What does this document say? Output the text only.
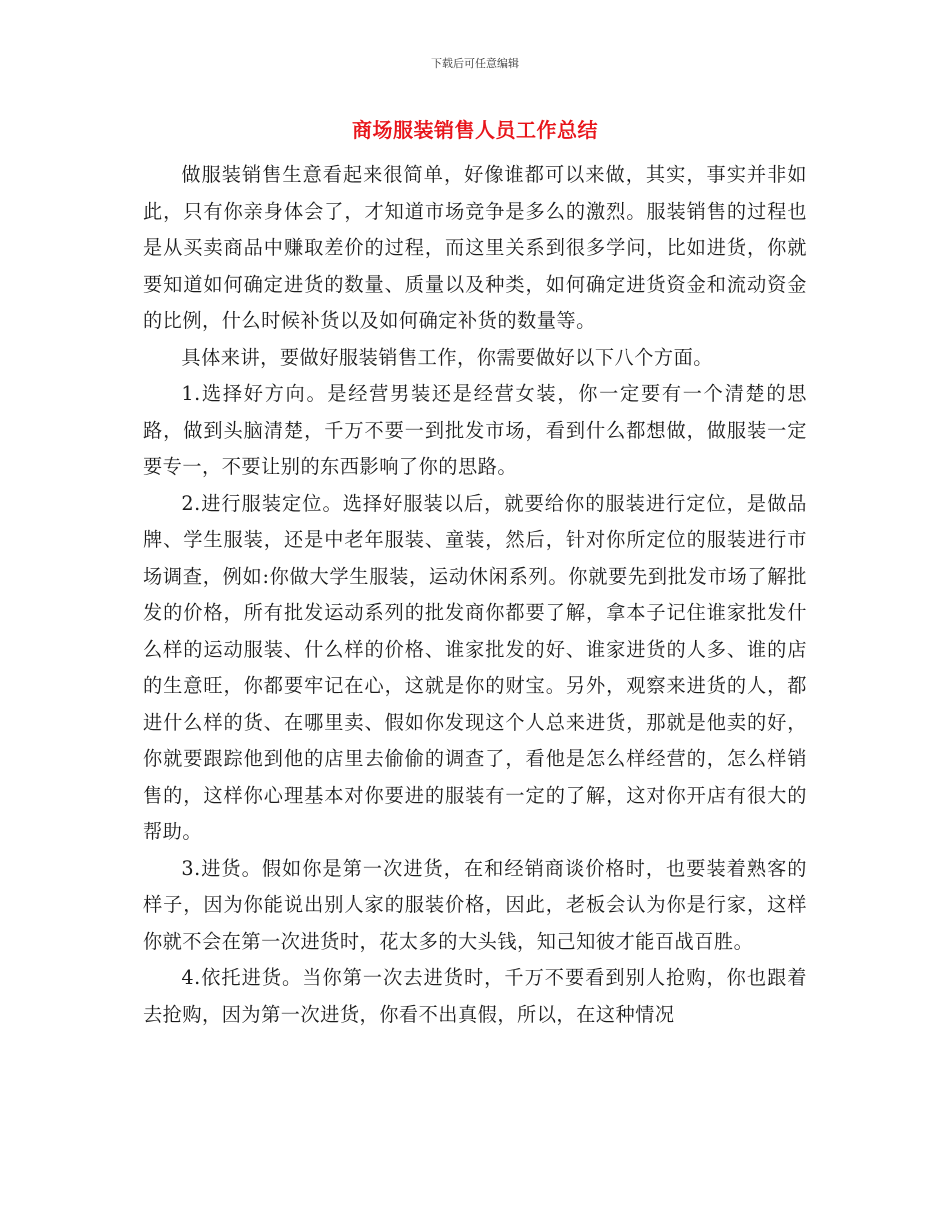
下载后可任意编辑
商场服装销售人员工作总结

做服装销售生意看起来很简单，好像谁都可以来做，其实，事实并非如此，只有你亲身体会了，才知道市场竞争是多么的激烈。服装销售的过程也是从买卖商品中赚取差价的过程，而这里关系到很多学问，比如进货，你就要知道如何确定进货的数量、质量以及种类，如何确定进货资金和流动资金的比例，什么时候补货以及如何确定补货的数量等。

具体来讲，要做好服装销售工作，你需要做好以下八个方面。

1.选择好方向。是经营男装还是经营女装，你一定要有一个清楚的思路，做到头脑清楚，千万不要一到批发市场，看到什么都想做，做服装一定要专一，不要让别的东西影响了你的思路。

2.进行服装定位。选择好服装以后，就要给你的服装进行定位，是做品牌、学生服装，还是中老年服装、童装，然后，针对你所定位的服装进行市场调查，例如:你做大学生服装，运动休闲系列。你就要先到批发市场了解批发的价格，所有批发运动系列的批发商你都要了解，拿本子记住谁家批发什么样的运动服装、什么样的价格、谁家批发的好、谁家进货的人多、谁的店的生意旺，你都要牢记在心，这就是你的财宝。另外，观察来进货的人，都进什么样的货、在哪里卖、假如你发现这个人总来进货，那就是他卖的好，你就要跟踪他到他的店里去偷偷的调查了，看他是怎么样经营的，怎么样销售的，这样你心理基本对你要进的服装有一定的了解，这对你开店有很大的帮助。

3.进货。假如你是第一次进货，在和经销商谈价格时，也要装着熟客的样子，因为你能说出别人家的服装价格，因此，老板会认为你是行家，这样你就不会在第一次进货时，花太多的大头钱，知己知彼才能百战百胜。

4.依托进货。当你第一次去进货时，千万不要看到别人抢购，你也跟着去抢购，因为第一次进货，你看不出真假，所以，在这种情况
